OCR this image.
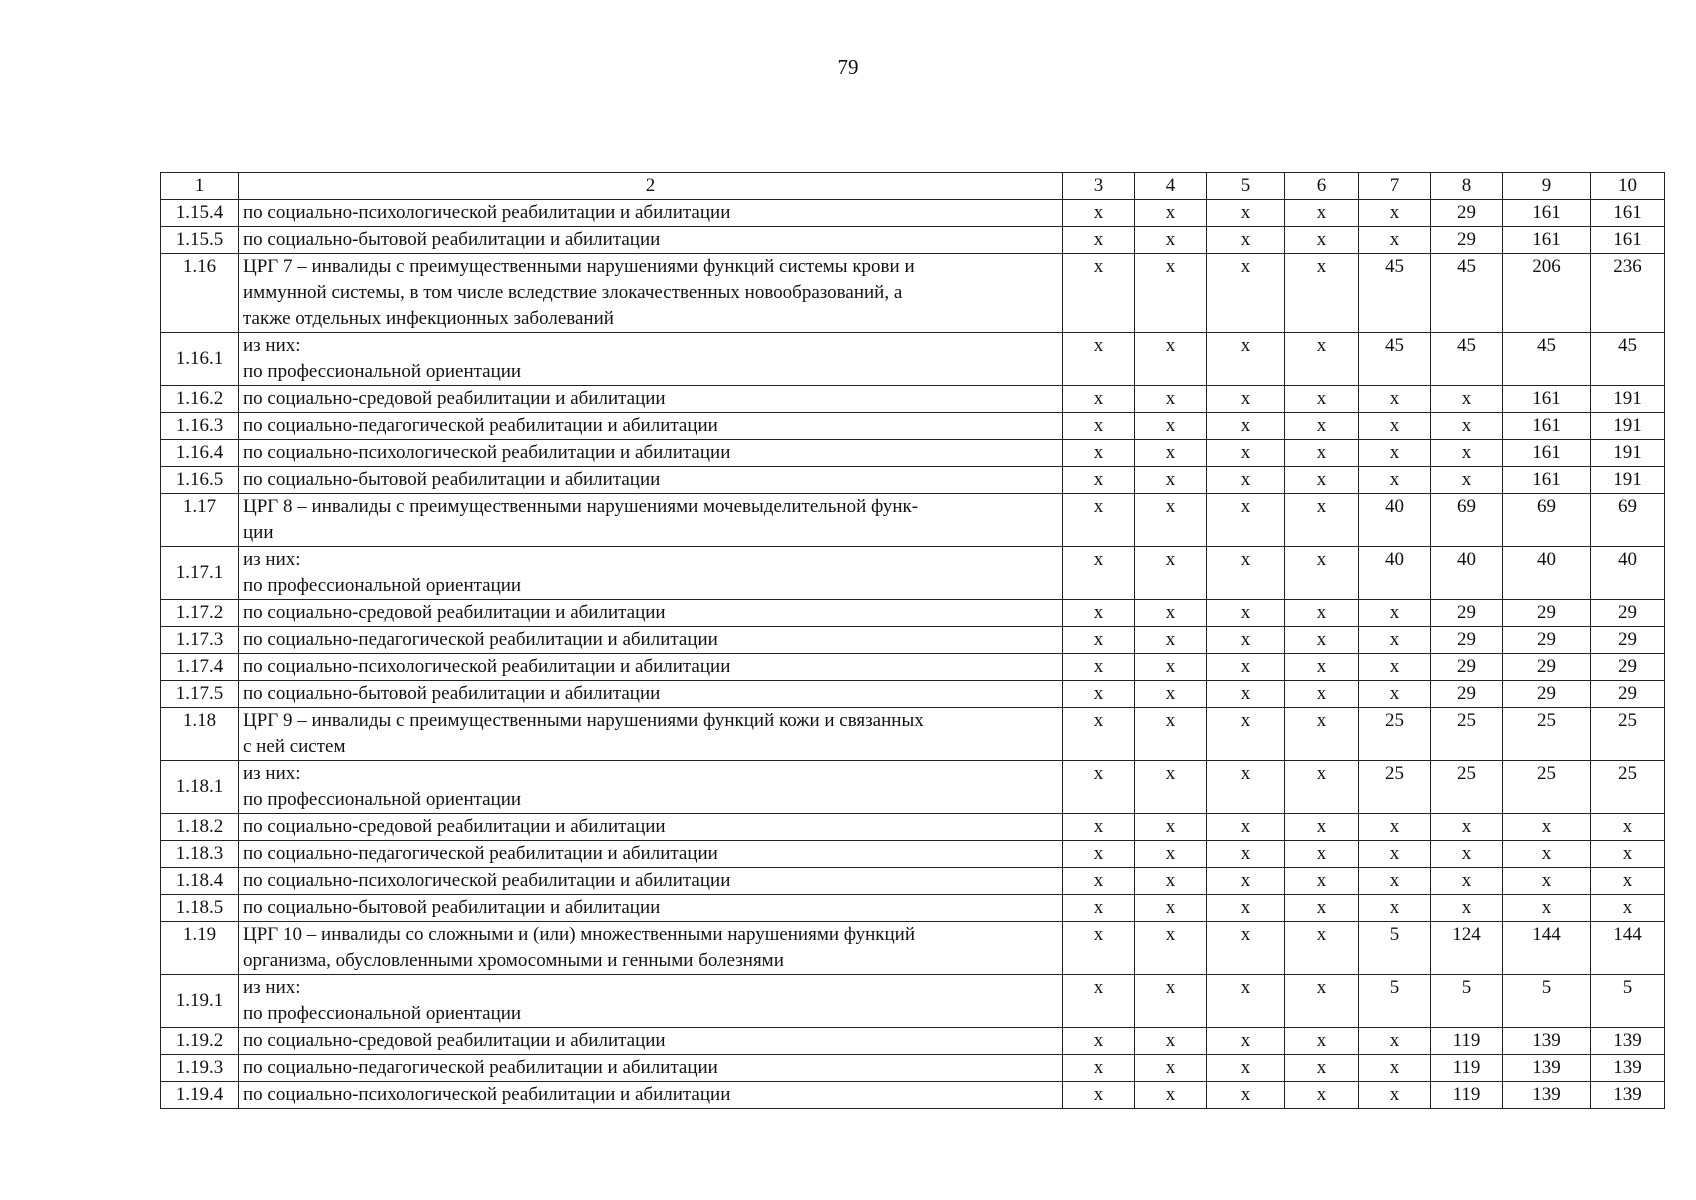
79
1	2	3	4	5	6	7	8	9	10
1.15.4	по социально-психологической реабилитации и абилитации	х	х	х	х	х	29	161	161
1.15.5	по социально-бытовой реабилитации и абилитации	х	х	х	х	х	29	161	161
1.16	ЦРГ 7 – инвалиды с преимущественными нарушениями функций системы крови и
иммунной системы, в том числе вследствие злокачественных новообразований, а
также отдельных инфекционных заболеваний	х	х	х	х	45	45	206	236
1.16.1	из них:
по профессиональной ориентации	х	х	х	х	45	45	45	45
1.16.2	по социально-средовой реабилитации и абилитации	х	х	х	х	х	х	161	191
1.16.3	по социально-педагогической реабилитации и абилитации	х	х	х	х	х	х	161	191
1.16.4	по социально-психологической реабилитации и абилитации	х	х	х	х	х	х	161	191
1.16.5	по социально-бытовой реабилитации и абилитации	х	х	х	х	х	х	161	191
1.17	ЦРГ 8 – инвалиды с преимущественными нарушениями мочевыделительной функ-
ции	х	х	х	х	40	69	69	69
1.17.1	из них:
по профессиональной ориентации	х	х	х	х	40	40	40	40
1.17.2	по социально-средовой реабилитации и абилитации	х	х	х	х	х	29	29	29
1.17.3	по социально-педагогической реабилитации и абилитации	х	х	х	х	х	29	29	29
1.17.4	по социально-психологической реабилитации и абилитации	х	х	х	х	х	29	29	29
1.17.5	по социально-бытовой реабилитации и абилитации	х	х	х	х	х	29	29	29
1.18	ЦРГ 9 – инвалиды с преимущественными нарушениями функций кожи и связанных
с ней систем	х	х	х	х	25	25	25	25
1.18.1	из них:
по профессиональной ориентации	х	х	х	х	25	25	25	25
1.18.2	по социально-средовой реабилитации и абилитации	х	х	х	х	х	х	х	х
1.18.3	по социально-педагогической реабилитации и абилитации	х	х	х	х	х	х	х	х
1.18.4	по социально-психологической реабилитации и абилитации	х	х	х	х	х	х	х	х
1.18.5	по социально-бытовой реабилитации и абилитации	х	х	х	х	х	х	х	х
1.19	ЦРГ 10 – инвалиды со сложными и (или) множественными нарушениями функций
организма, обусловленными хромосомными и генными болезнями	х	х	х	х	5	124	144	144
1.19.1	из них:
по профессиональной ориентации	х	х	х	х	5	5	5	5
1.19.2	по социально-средовой реабилитации и абилитации	х	х	х	х	х	119	139	139
1.19.3	по социально-педагогической реабилитации и абилитации	х	х	х	х	х	119	139	139
1.19.4	по социально-психологической реабилитации и абилитации	х	х	х	х	х	119	139	139
